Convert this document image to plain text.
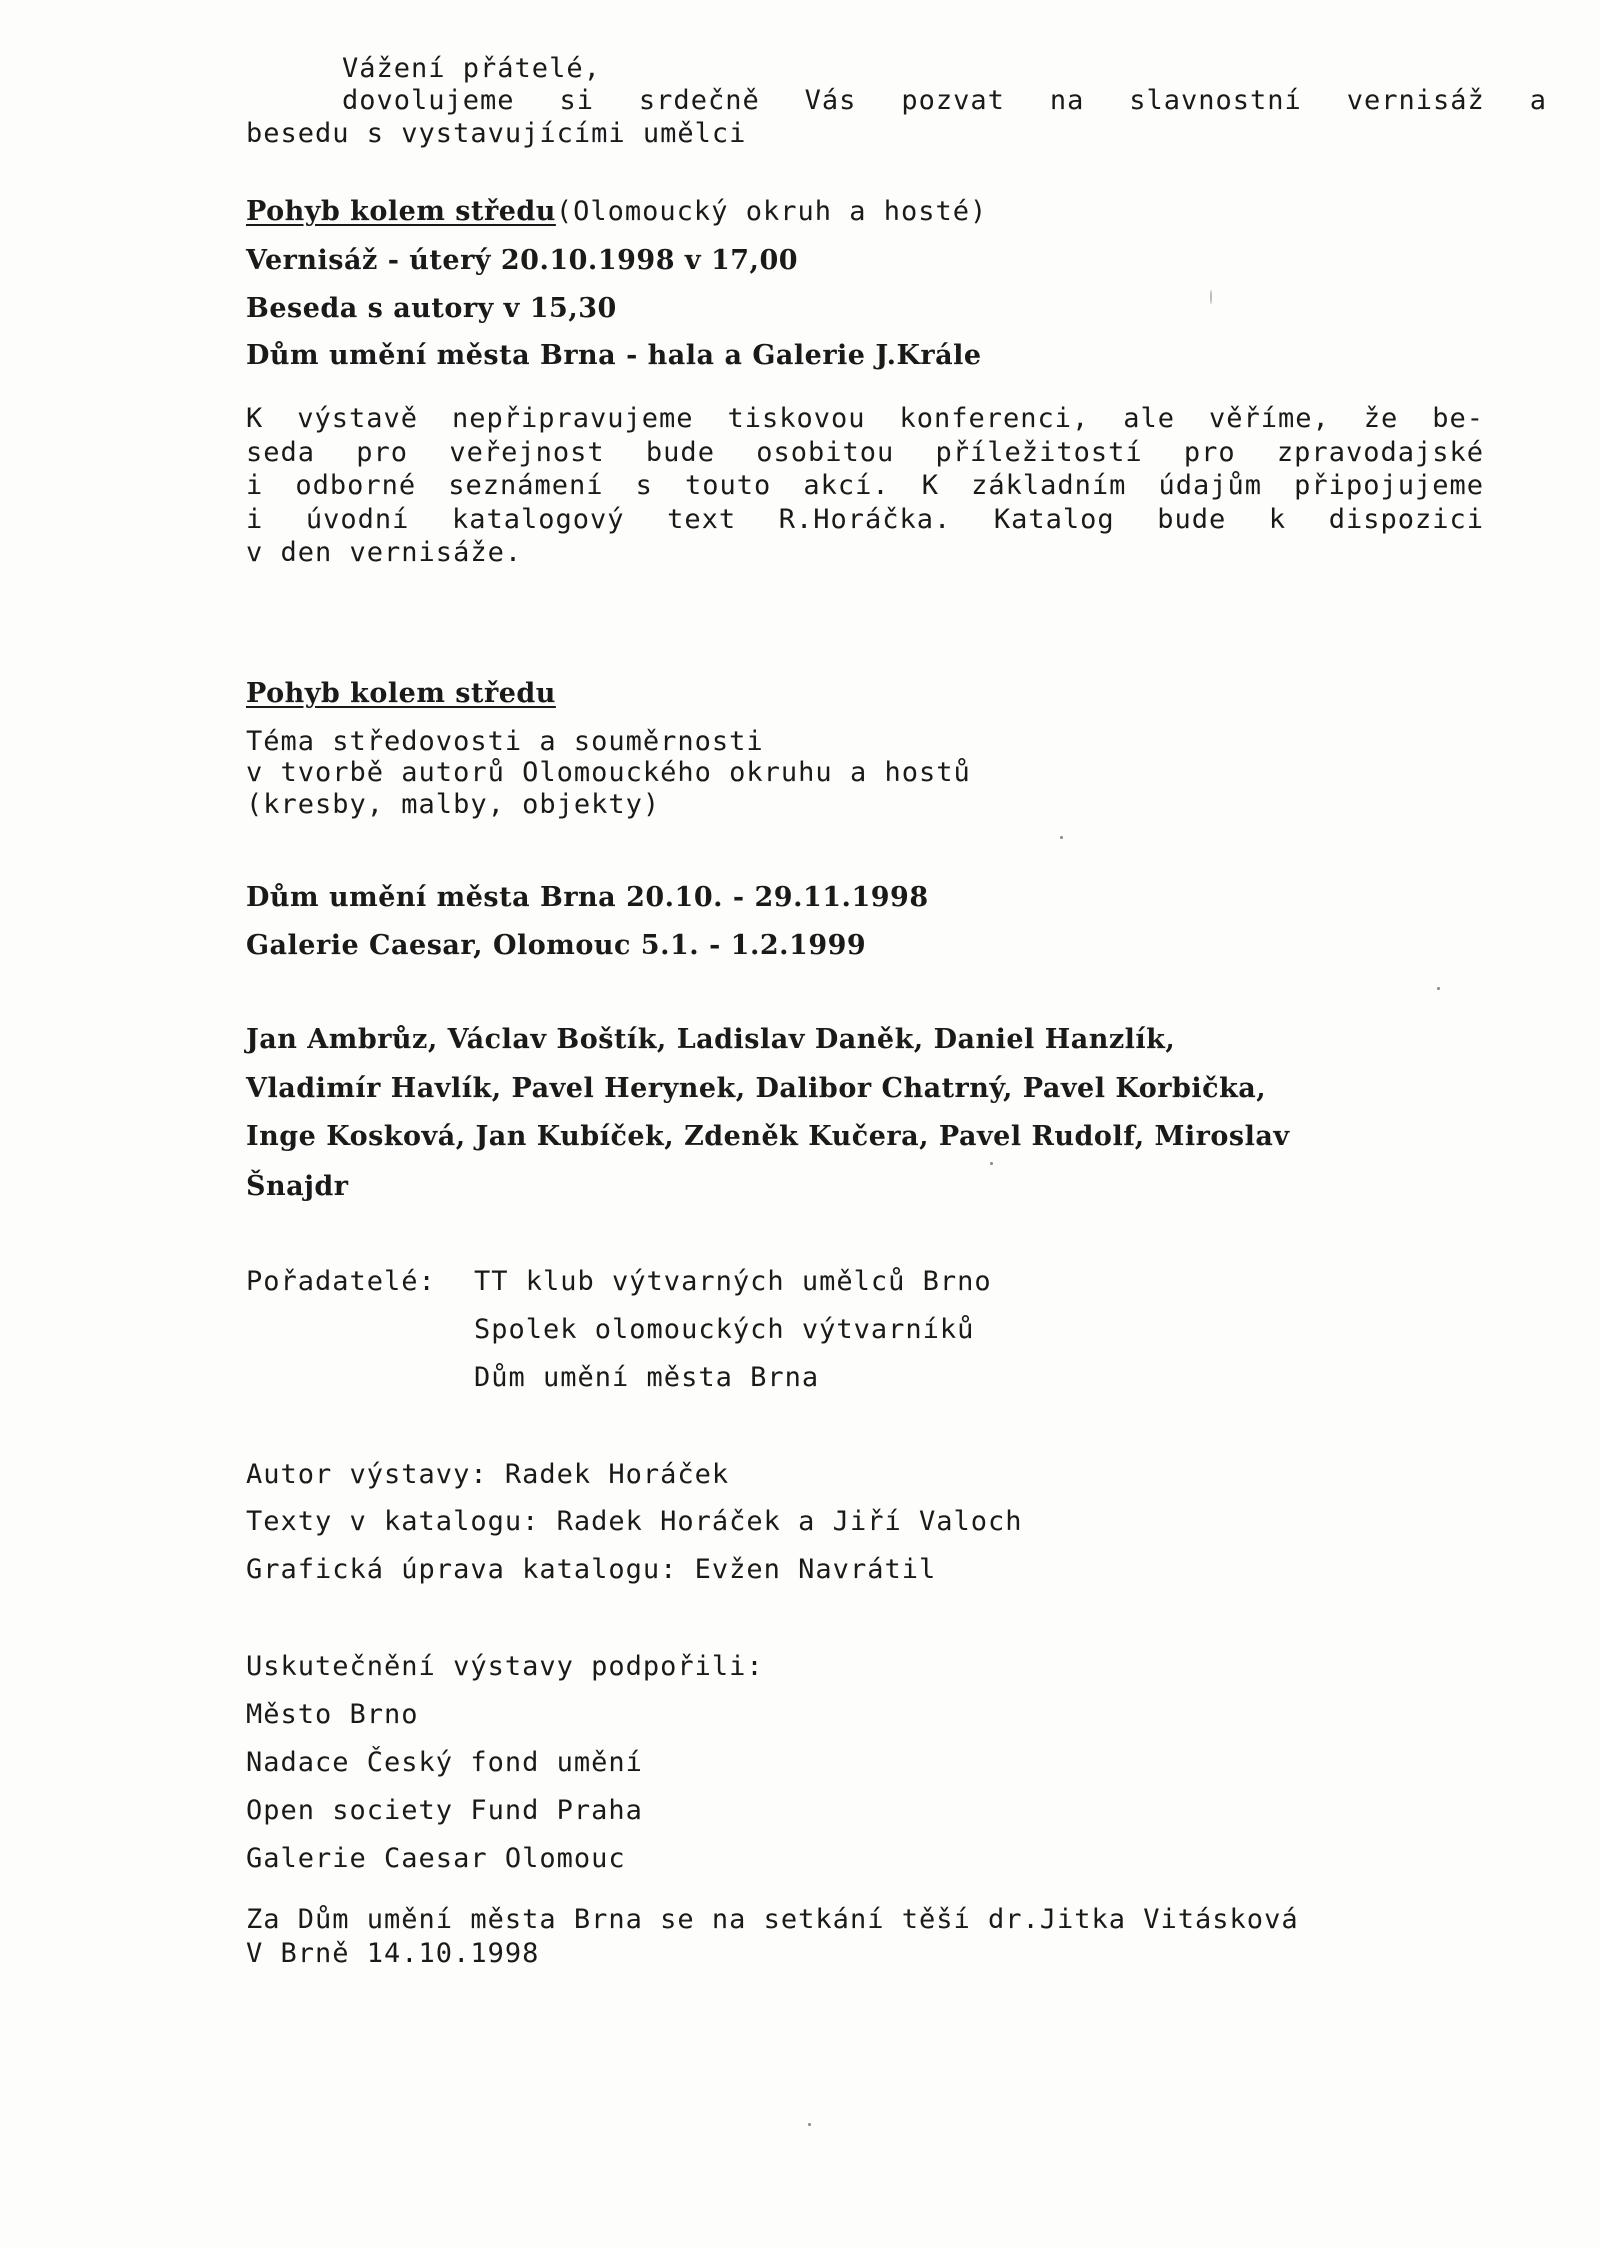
Vážení přátelé,
dovolujeme si srdečně Vás pozvat na slavnostní vernisáž a
besedu s vystavujícími umělci
Pohyb kolem středu(Olomoucký okruh a hosté)
Vernisáž - úterý 20.10.1998 v 17,00
Beseda s autory v 15,30
Dům umění města Brna - hala a Galerie J.Krále
K výstavě nepřipravujeme tiskovou konferenci, ale věříme, že be-
seda pro veřejnost bude osobitou příležitostí pro zpravodajské
i odborné seznámení s touto akcí. K základním údajům připojujeme
i úvodní katalogový text R.Horáčka. Katalog bude k dispozici
v den vernisáže.
Pohyb kolem středu
Téma středovosti a souměrnosti
v tvorbě autorů Olomouckého okruhu a hostů
(kresby, malby, objekty)
Dům umění města Brna 20.10. - 29.11.1998
Galerie Caesar, Olomouc 5.1. - 1.2.1999
Jan Ambrůz, Václav Boštík, Ladislav Daněk, Daniel Hanzlík,
Vladimír Havlík, Pavel Herynek, Dalibor Chatrný, Pavel Korbička,
Inge Kosková, Jan Kubíček, Zdeněk Kučera, Pavel Rudolf, Miroslav
Šnajdr
Pořadatelé: TT klub výtvarných umělců Brno
Spolek olomouckých výtvarníků
Dům umění města Brna
Autor výstavy: Radek Horáček
Texty v katalogu: Radek Horáček a Jiří Valoch
Grafická úprava katalogu: Evžen Navrátil
Uskutečnění výstavy podpořili:
Město Brno
Nadace Český fond umění
Open society Fund Praha
Galerie Caesar Olomouc
Za Dům umění města Brna se na setkání těší dr.Jitka Vitásková
V Brně 14.10.1998
